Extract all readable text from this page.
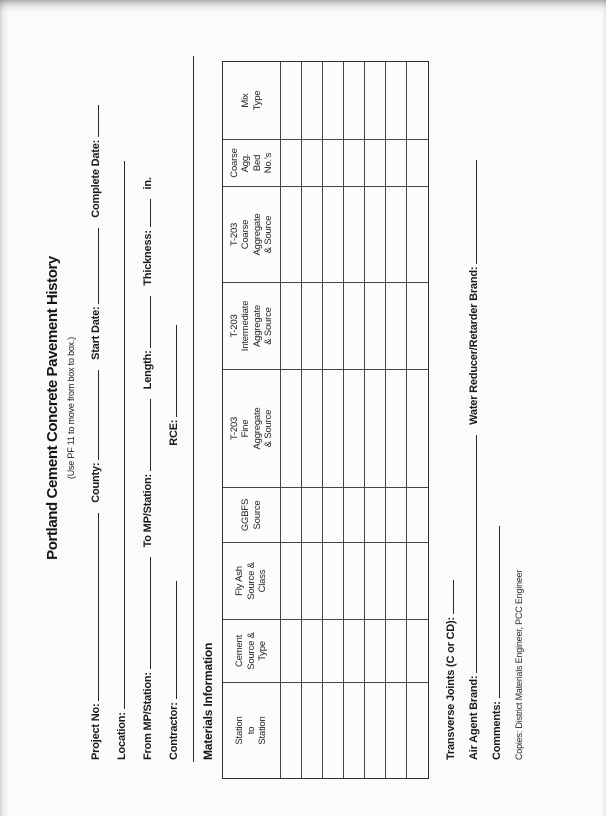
Portland Cement Concrete Pavement History (Use PF 11 to move from box to box.)
Project No:  County:  Start Date:  Complete Date:
Location: From MP/Station:  To MP/Station:  Length:  Thickness:  in.
Contractor:   RCE:
Materials Information Station to Station
Cement Source & Type
Fly Ash Source & Class
GGBFS Source
T-203 Fine Aggregate & Source
T-203 Intermediate Aggregate & Source
T-203 Coarse Aggregate & Source
Coarse Agg. Bed No.'s
Mix Type
Transverse Joints (C or CD): Air Agent Brand:  Water Reducer/Retarder Brand:
Comments: Copies: District Materials Engineer, PCC Engineer
